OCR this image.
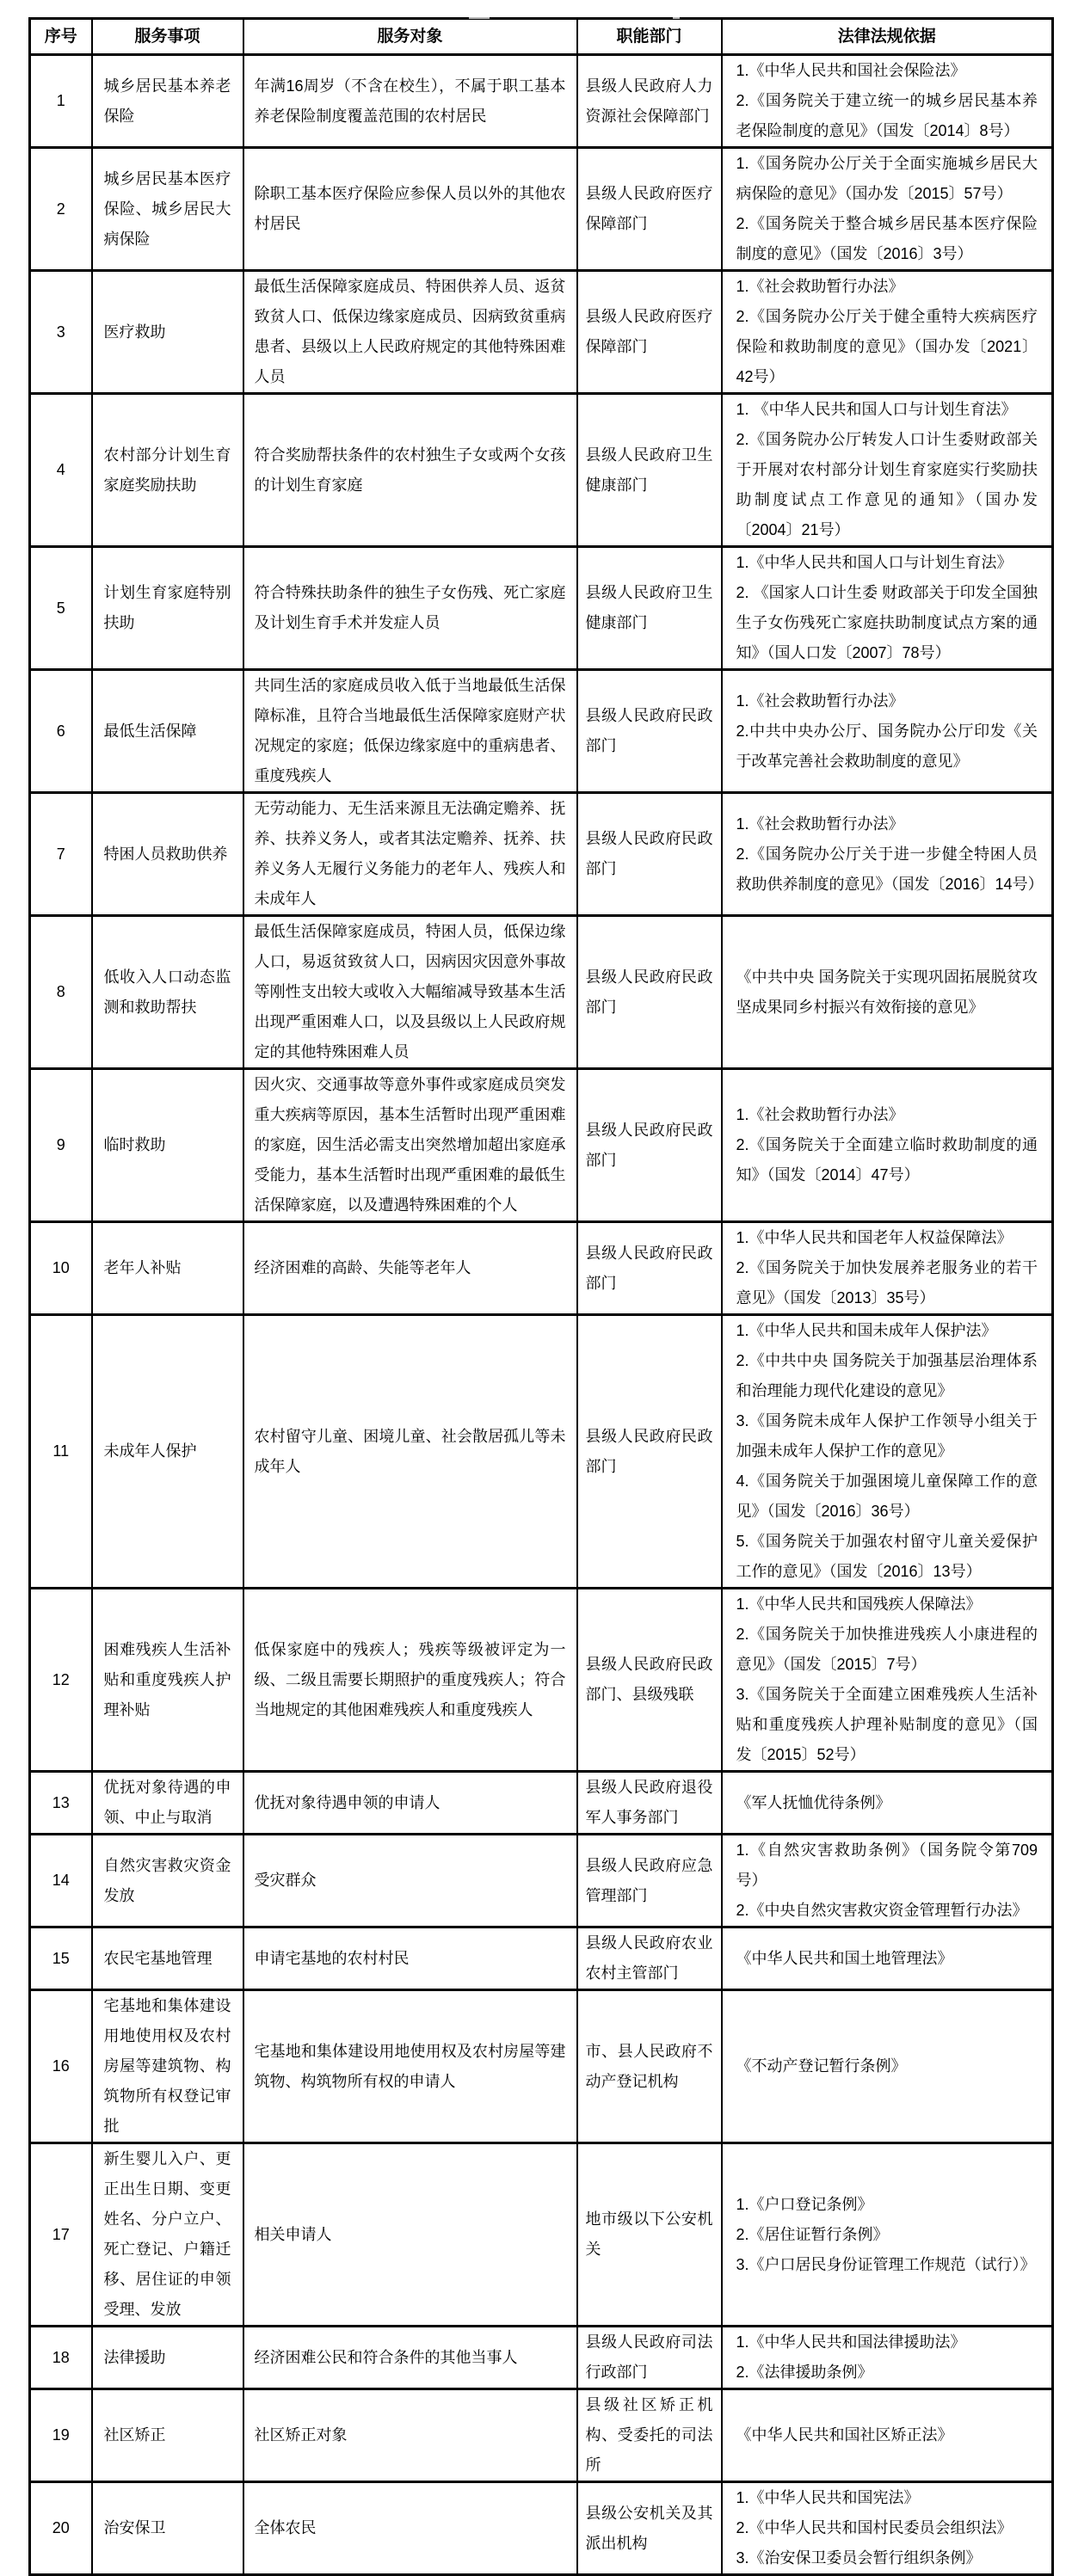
序号	服务事项	服务对象	职能部门	法律法规依据
1	城乡居民基本养老保险	年满16周岁（不含在校生），不属于职工基本养老保险制度覆盖范围的农村居民	县级人民政府人力资源社会保障部门	1.《中华人民共和国社会保险法》
2.《国务院关于建立统一的城乡居民基本养老保险制度的意见》（国发〔2014〕8号）

2	城乡居民基本医疗保险、城乡居民大病保险	除职工基本医疗保险应参保人员以外的其他农村居民	县级人民政府医疗保障部门	1.《国务院办公厅关于全面实施城乡居民大病保险的意见》（国办发〔2015〕57号）
2.《国务院关于整合城乡居民基本医疗保险制度的意见》（国发〔2016〕3号）

3	医疗救助	最低生活保障家庭成员、特困供养人员、返贫致贫人口、低保边缘家庭成员、因病致贫重病患者、县级以上人民政府规定的其他特殊困难人员	县级人民政府医疗保障部门	1.《社会救助暂行办法》
2.《国务院办公厅关于健全重特大疾病医疗保险和救助制度的意见》（国办发〔2021〕42号）

4	农村部分计划生育家庭奖励扶助	符合奖励帮扶条件的农村独生子女或两个女孩的计划生育家庭	县级人民政府卫生健康部门	1. 《中华人民共和国人口与计划生育法》
2.《国务院办公厅转发人口计生委财政部关于开展对农村部分计划生育家庭实行奖励扶助制度试点工作意见的通知》（国办发〔2004〕21号）

5	计划生育家庭特别扶助	符合特殊扶助条件的独生子女伤残、死亡家庭及计划生育手术并发症人员	县级人民政府卫生健康部门	1.《中华人民共和国人口与计划生育法》
2. 《国家人口计生委 财政部关于印发全国独生子女伤残死亡家庭扶助制度试点方案的通知》（国人口发〔2007〕78号）

6	最低生活保障	共同生活的家庭成员收入低于当地最低生活保障标准，且符合当地最低生活保障家庭财产状况规定的家庭；低保边缘家庭中的重病患者、重度残疾人	县级人民政府民政部门	1.《社会救助暂行办法》
2.中共中央办公厅、国务院办公厅印发《关于改革完善社会救助制度的意见》

7	特困人员救助供养	无劳动能力、无生活来源且无法确定赡养、抚养、扶养义务人，或者其法定赡养、抚养、扶养义务人无履行义务能力的老年人、残疾人和未成年人	县级人民政府民政部门	1.《社会救助暂行办法》
2.《国务院办公厅关于进一步健全特困人员救助供养制度的意见》（国发〔2016〕14号）

8	低收入人口动态监测和救助帮扶	最低生活保障家庭成员，特困人员，低保边缘人口，易返贫致贫人口，因病因灾因意外事故等刚性支出较大或收入大幅缩减导致基本生活出现严重困难人口，以及县级以上人民政府规定的其他特殊困难人员	县级人民政府民政部门	《中共中央 国务院关于实现巩固拓展脱贫攻坚成果同乡村振兴有效衔接的意见》

9	临时救助	因火灾、交通事故等意外事件或家庭成员突发重大疾病等原因，基本生活暂时出现严重困难的家庭，因生活必需支出突然增加超出家庭承受能力，基本生活暂时出现严重困难的最低生活保障家庭，以及遭遇特殊困难的个人	县级人民政府民政部门	1.《社会救助暂行办法》
2.《国务院关于全面建立临时救助制度的通知》（国发〔2014〕47号）

10	老年人补贴	经济困难的高龄、失能等老年人	县级人民政府民政部门	1.《中华人民共和国老年人权益保障法》
2.《国务院关于加快发展养老服务业的若干意见》（国发〔2013〕35号）

11	未成年人保护	农村留守儿童、困境儿童、社会散居孤儿等未成年人	县级人民政府民政部门	1.《中华人民共和国未成年人保护法》
2.《中共中央 国务院关于加强基层治理体系和治理能力现代化建设的意见》
3.《国务院未成年人保护工作领导小组关于加强未成年人保护工作的意见》
4.《国务院关于加强困境儿童保障工作的意见》（国发〔2016〕36号）
5.《国务院关于加强农村留守儿童关爱保护工作的意见》（国发〔2016〕13号）

12	困难残疾人生活补贴和重度残疾人护理补贴	低保家庭中的残疾人；残疾等级被评定为一级、二级且需要长期照护的重度残疾人；符合当地规定的其他困难残疾人和重度残疾人	县级人民政府民政部门、县级残联	1.《中华人民共和国残疾人保障法》
2.《国务院关于加快推进残疾人小康进程的意见》（国发〔2015〕7号）
3.《国务院关于全面建立困难残疾人生活补贴和重度残疾人护理补贴制度的意见》（国发〔2015〕52号）

13	优抚对象待遇的申领、中止与取消	优抚对象待遇申领的申请人	县级人民政府退役军人事务部门	《军人抚恤优待条例》

14	自然灾害救灾资金发放	受灾群众	县级人民政府应急管理部门	1.《自然灾害救助条例》（国务院令第709号）
2.《中央自然灾害救灾资金管理暂行办法》

15	农民宅基地管理	申请宅基地的农村村民	县级人民政府农业农村主管部门	《中华人民共和国土地管理法》

16	宅基地和集体建设用地使用权及农村房屋等建筑物、构筑物所有权登记审批	宅基地和集体建设用地使用权及农村房屋等建筑物、构筑物所有权的申请人	市、县人民政府不动产登记机构	《不动产登记暂行条例》

17	新生婴儿入户、更正出生日期、变更姓名、分户立户、死亡登记、户籍迁移、居住证的申领受理、发放	相关申请人	地市级以下公安机关	1.《户口登记条例》
2.《居住证暂行条例》
3.《户口居民身份证管理工作规范（试行）》

18	法律援助	经济困难公民和符合条件的其他当事人	县级人民政府司法行政部门	1.《中华人民共和国法律援助法》
2.《法律援助条例》

19	社区矫正	社区矫正对象	县级社区矫正机构、受委托的司法所	《中华人民共和国社区矫正法》

20	治安保卫	全体农民	县级公安机关及其派出机构	1.《中华人民共和国宪法》
2.《中华人民共和国村民委员会组织法》
3.《治安保卫委员会暂行组织条例》
